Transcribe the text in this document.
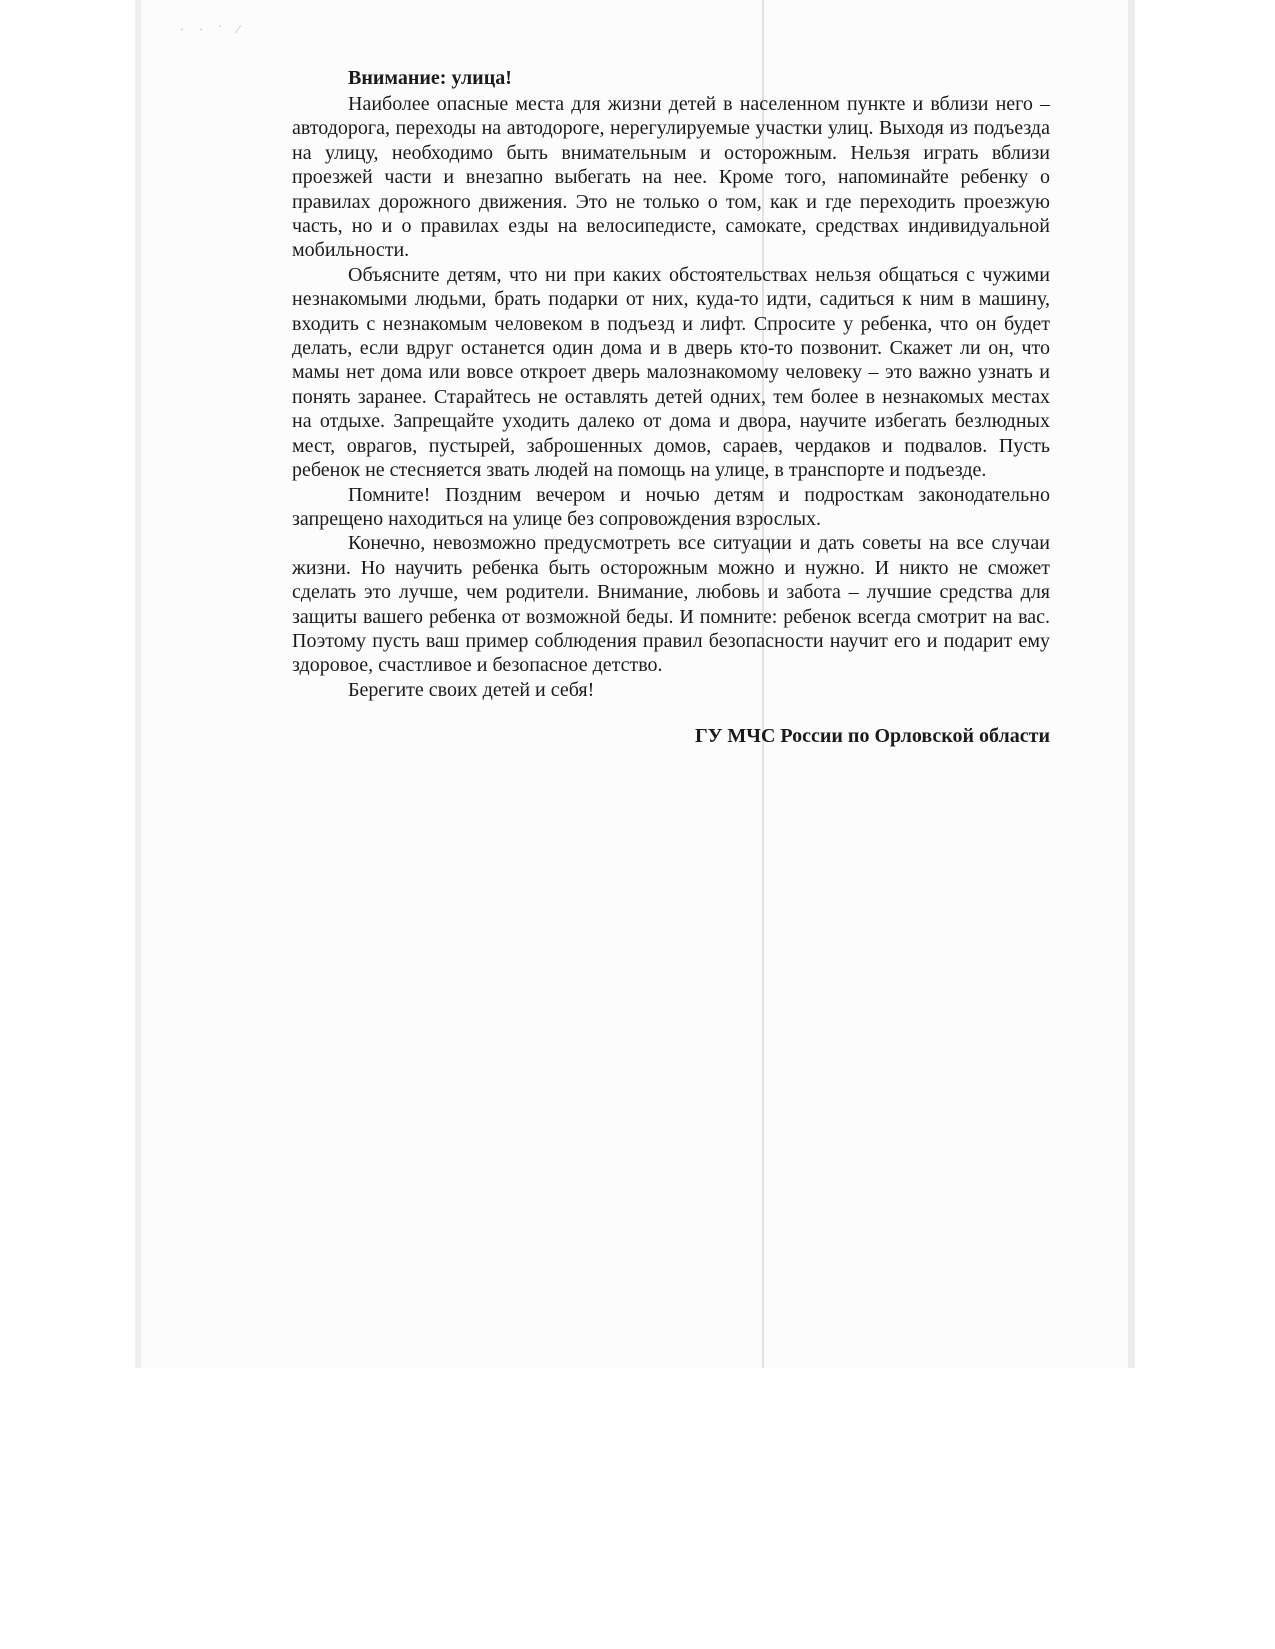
· · ˙ ⁄

Внимание: улица!

Наиболее опасные места для жизни детей в населенном пункте и вблизи него – автодорога, переходы на автодороге, нерегулируемые участки улиц. Выходя из подъезда на улицу, необходимо быть внимательным и осторожным. Нельзя играть вблизи проезжей части и внезапно выбегать на нее. Кроме того, напоминайте ребенку о правилах дорожного движения. Это не только о том, как и где переходить проезжую часть, но и о правилах езды на велосипедисте, самокате, средствах индивидуальной мобильности.

Объясните детям, что ни при каких обстоятельствах нельзя общаться с чужими незнакомыми людьми, брать подарки от них, куда-то идти, садиться к ним в машину, входить с незнакомым человеком в подъезд и лифт. Спросите у ребенка, что он будет делать, если вдруг останется один дома и в дверь кто-то позвонит. Скажет ли он, что мамы нет дома или вовсе откроет дверь малознакомому человеку – это важно узнать и понять заранее. Старайтесь не оставлять детей одних, тем более в незнакомых местах на отдыхе. Запрещайте уходить далеко от дома и двора, научите избегать безлюдных мест, оврагов, пустырей, заброшенных домов, сараев, чердаков и подвалов. Пусть ребенок не стесняется звать людей на помощь на улице, в транспорте и подъезде.

Помните! Поздним вечером и ночью детям и подросткам законодательно запрещено находиться на улице без сопровождения взрослых.

Конечно, невозможно предусмотреть все ситуации и дать советы на все случаи жизни. Но научить ребенка быть осторожным можно и нужно. И никто не сможет сделать это лучше, чем родители. Внимание, любовь и забота – лучшие средства для защиты вашего ребенка от возможной беды. И помните: ребенок всегда смотрит на вас. Поэтому пусть ваш пример соблюдения правил безопасности научит его и подарит ему здоровое, счастливое и безопасное детство.

Берегите своих детей и себя!

ГУ МЧС России по Орловской области
